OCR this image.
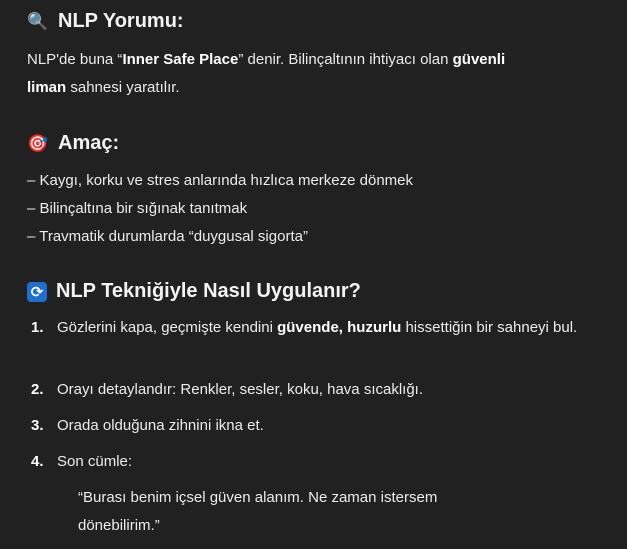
🔍 NLP Yorumu:

NLP'de buna “Inner Safe Place” denir. Bilinçaltının ihtiyacı olan güvenli
liman sahnesi yaratılır.

🎯 Amaç:
– Kaygı, korku ve stres anlarında hızlıca merkeze dönmek
– Bilinçaltına bir sığınak tanıtmak
– Travmatik durumlarda “duygusal sigorta”
⟳ NLP Tekniğiyle Nasıl Uygulanır?
1. Gözlerini kapa, geçmişte kendini güvende, huzurlu hissettiğin bir sahneyi bul.
2. Orayı detaylandır: Renkler, sesler, koku, hava sıcaklığı.
3. Orada olduğuna zihnini ikna et.
4. Son cümle:
“Burası benim içsel güven alanım. Ne zaman istersem dönebilirim.”
